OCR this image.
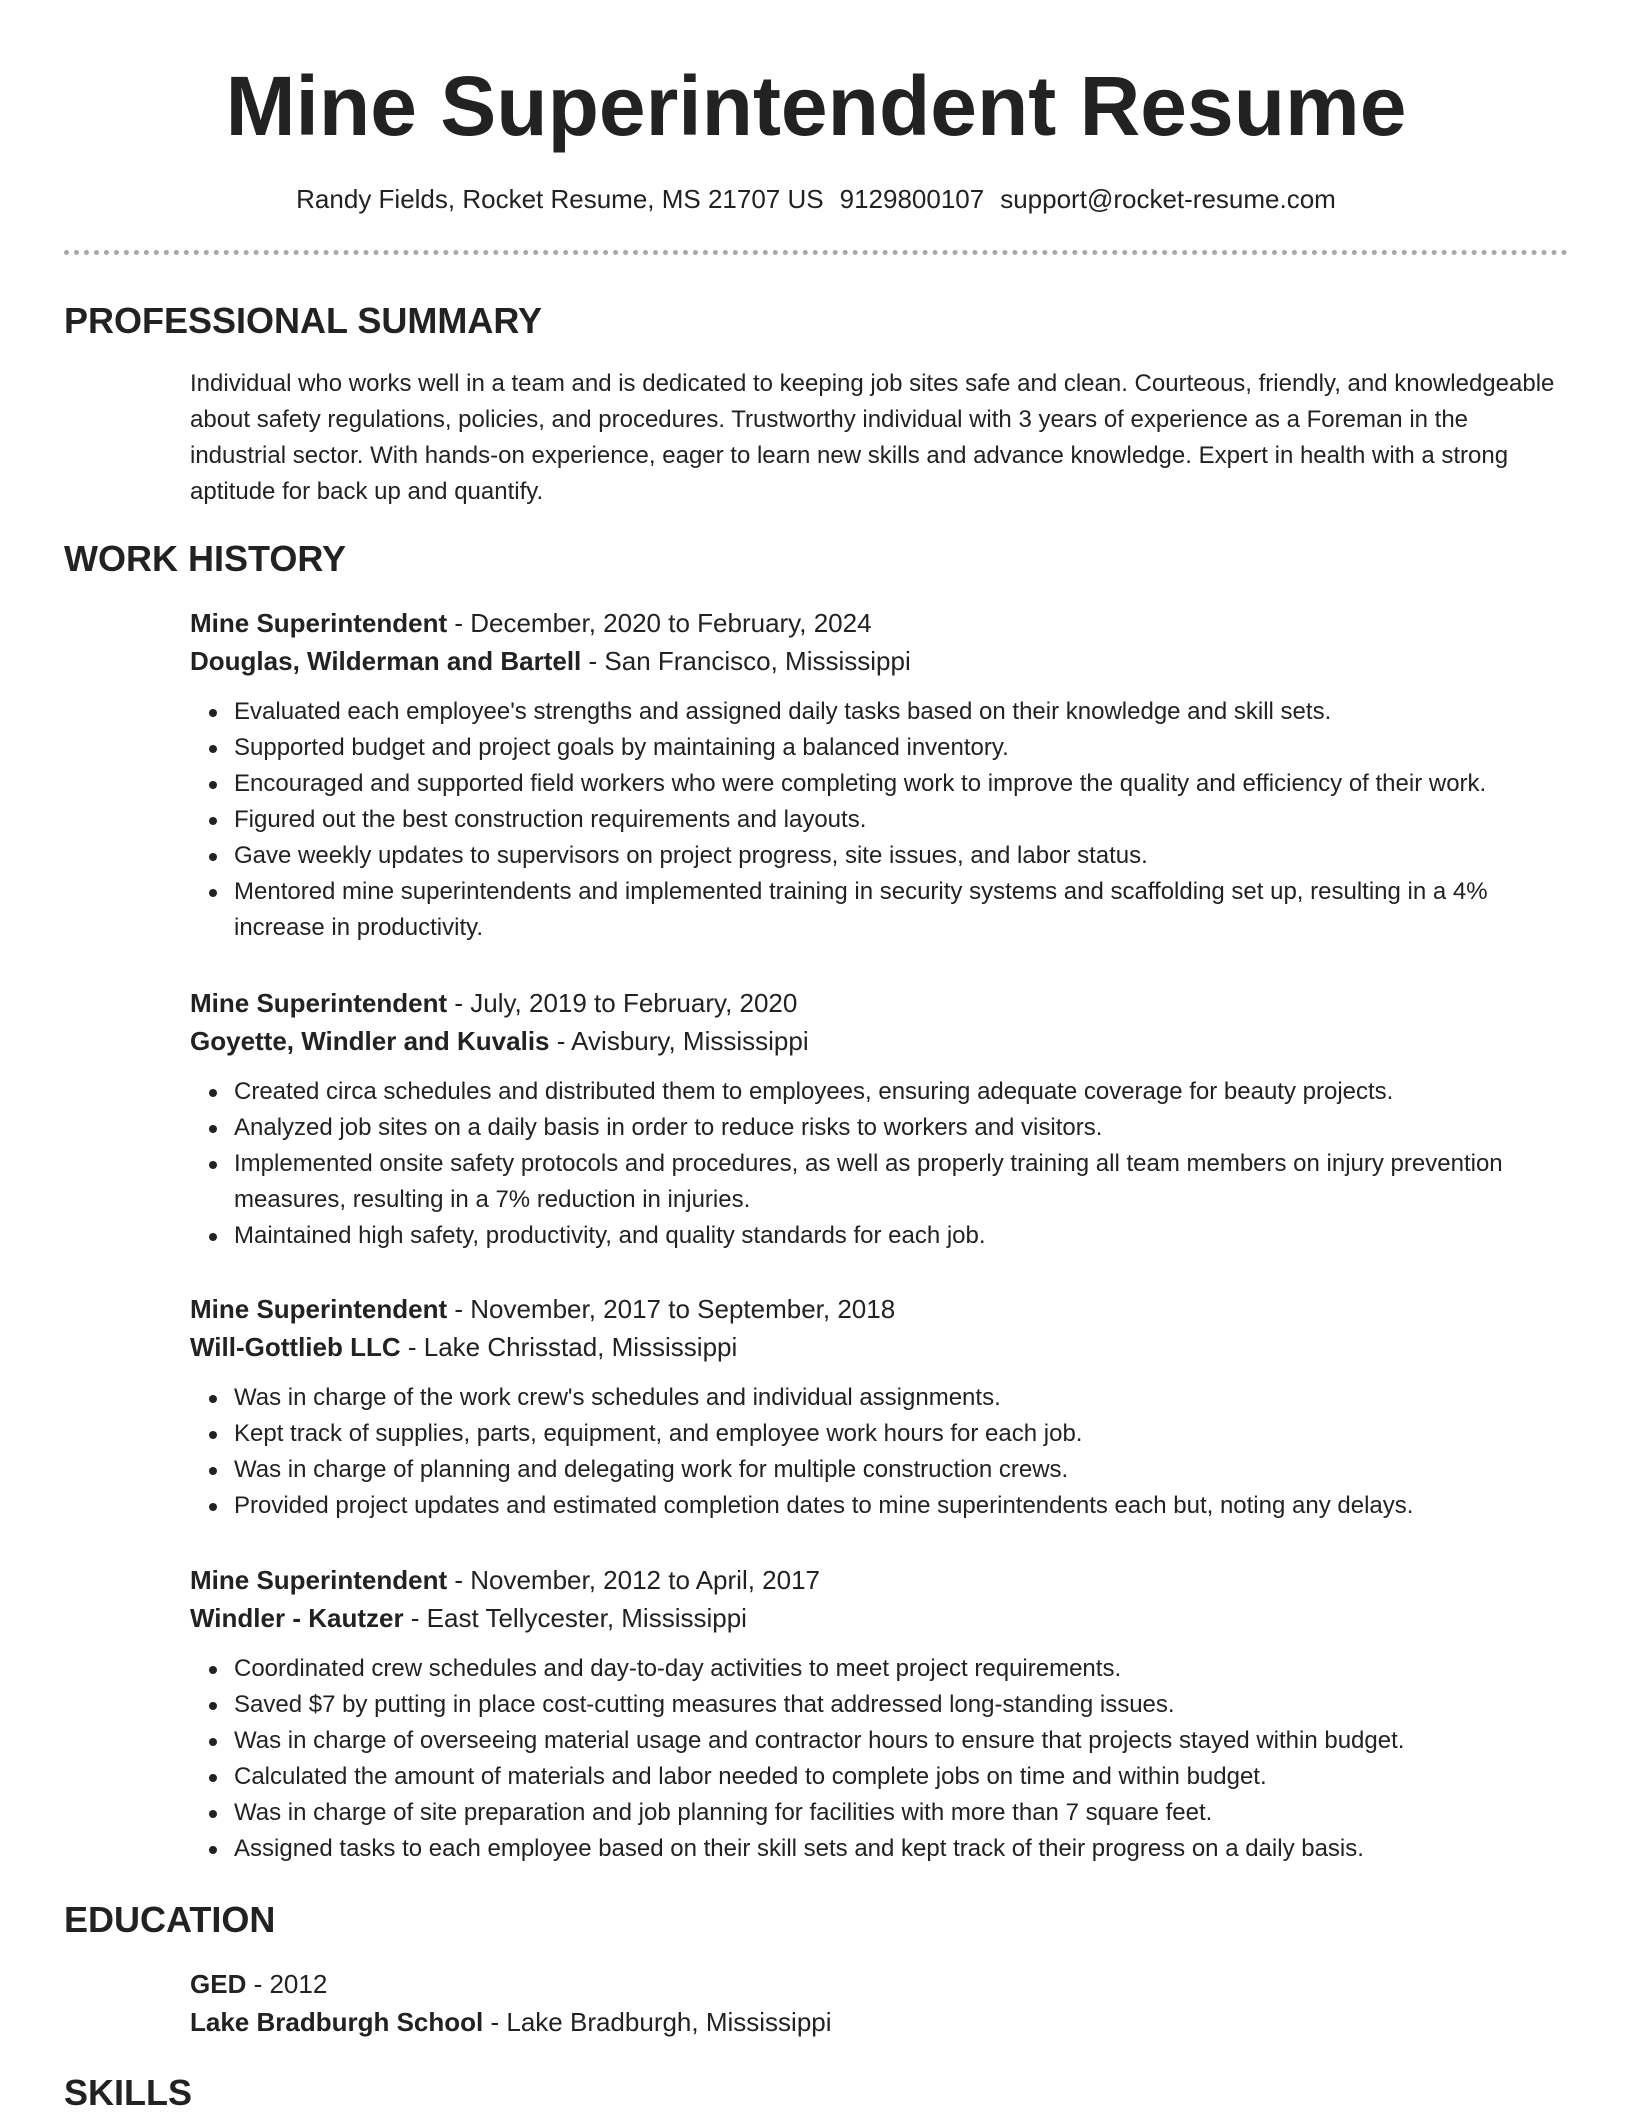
Mine Superintendent Resume
Randy Fields, Rocket Resume, MS 21707 US 9129800107 support@rocket-resume.com
PROFESSIONAL SUMMARY
Individual who works well in a team and is dedicated to keeping job sites safe and clean. Courteous, friendly, and knowledgeable about safety regulations, policies, and procedures. Trustworthy individual with 3 years of experience as a Foreman in the industrial sector. With hands-on experience, eager to learn new skills and advance knowledge. Expert in health with a strong aptitude for back up and quantify.
WORK HISTORY
Mine Superintendent - December, 2020 to February, 2024
Douglas, Wilderman and Bartell - San Francisco, Mississippi
Evaluated each employee's strengths and assigned daily tasks based on their knowledge and skill sets.
Supported budget and project goals by maintaining a balanced inventory.
Encouraged and supported field workers who were completing work to improve the quality and efficiency of their work.
Figured out the best construction requirements and layouts.
Gave weekly updates to supervisors on project progress, site issues, and labor status.
Mentored mine superintendents and implemented training in security systems and scaffolding set up, resulting in a 4% increase in productivity.
Mine Superintendent - July, 2019 to February, 2020
Goyette, Windler and Kuvalis - Avisbury, Mississippi
Created circa schedules and distributed them to employees, ensuring adequate coverage for beauty projects.
Analyzed job sites on a daily basis in order to reduce risks to workers and visitors.
Implemented onsite safety protocols and procedures, as well as properly training all team members on injury prevention measures, resulting in a 7% reduction in injuries.
Maintained high safety, productivity, and quality standards for each job.
Mine Superintendent - November, 2017 to September, 2018
Will-Gottlieb LLC - Lake Chrisstad, Mississippi
Was in charge of the work crew's schedules and individual assignments.
Kept track of supplies, parts, equipment, and employee work hours for each job.
Was in charge of planning and delegating work for multiple construction crews.
Provided project updates and estimated completion dates to mine superintendents each but, noting any delays.
Mine Superintendent - November, 2012 to April, 2017
Windler - Kautzer - East Tellycester, Mississippi
Coordinated crew schedules and day-to-day activities to meet project requirements.
Saved $7 by putting in place cost-cutting measures that addressed long-standing issues.
Was in charge of overseeing material usage and contractor hours to ensure that projects stayed within budget.
Calculated the amount of materials and labor needed to complete jobs on time and within budget.
Was in charge of site preparation and job planning for facilities with more than 7 square feet.
Assigned tasks to each employee based on their skill sets and kept track of their progress on a daily basis.
EDUCATION
GED - 2012
Lake Bradburgh School - Lake Bradburgh, Mississippi
SKILLS
